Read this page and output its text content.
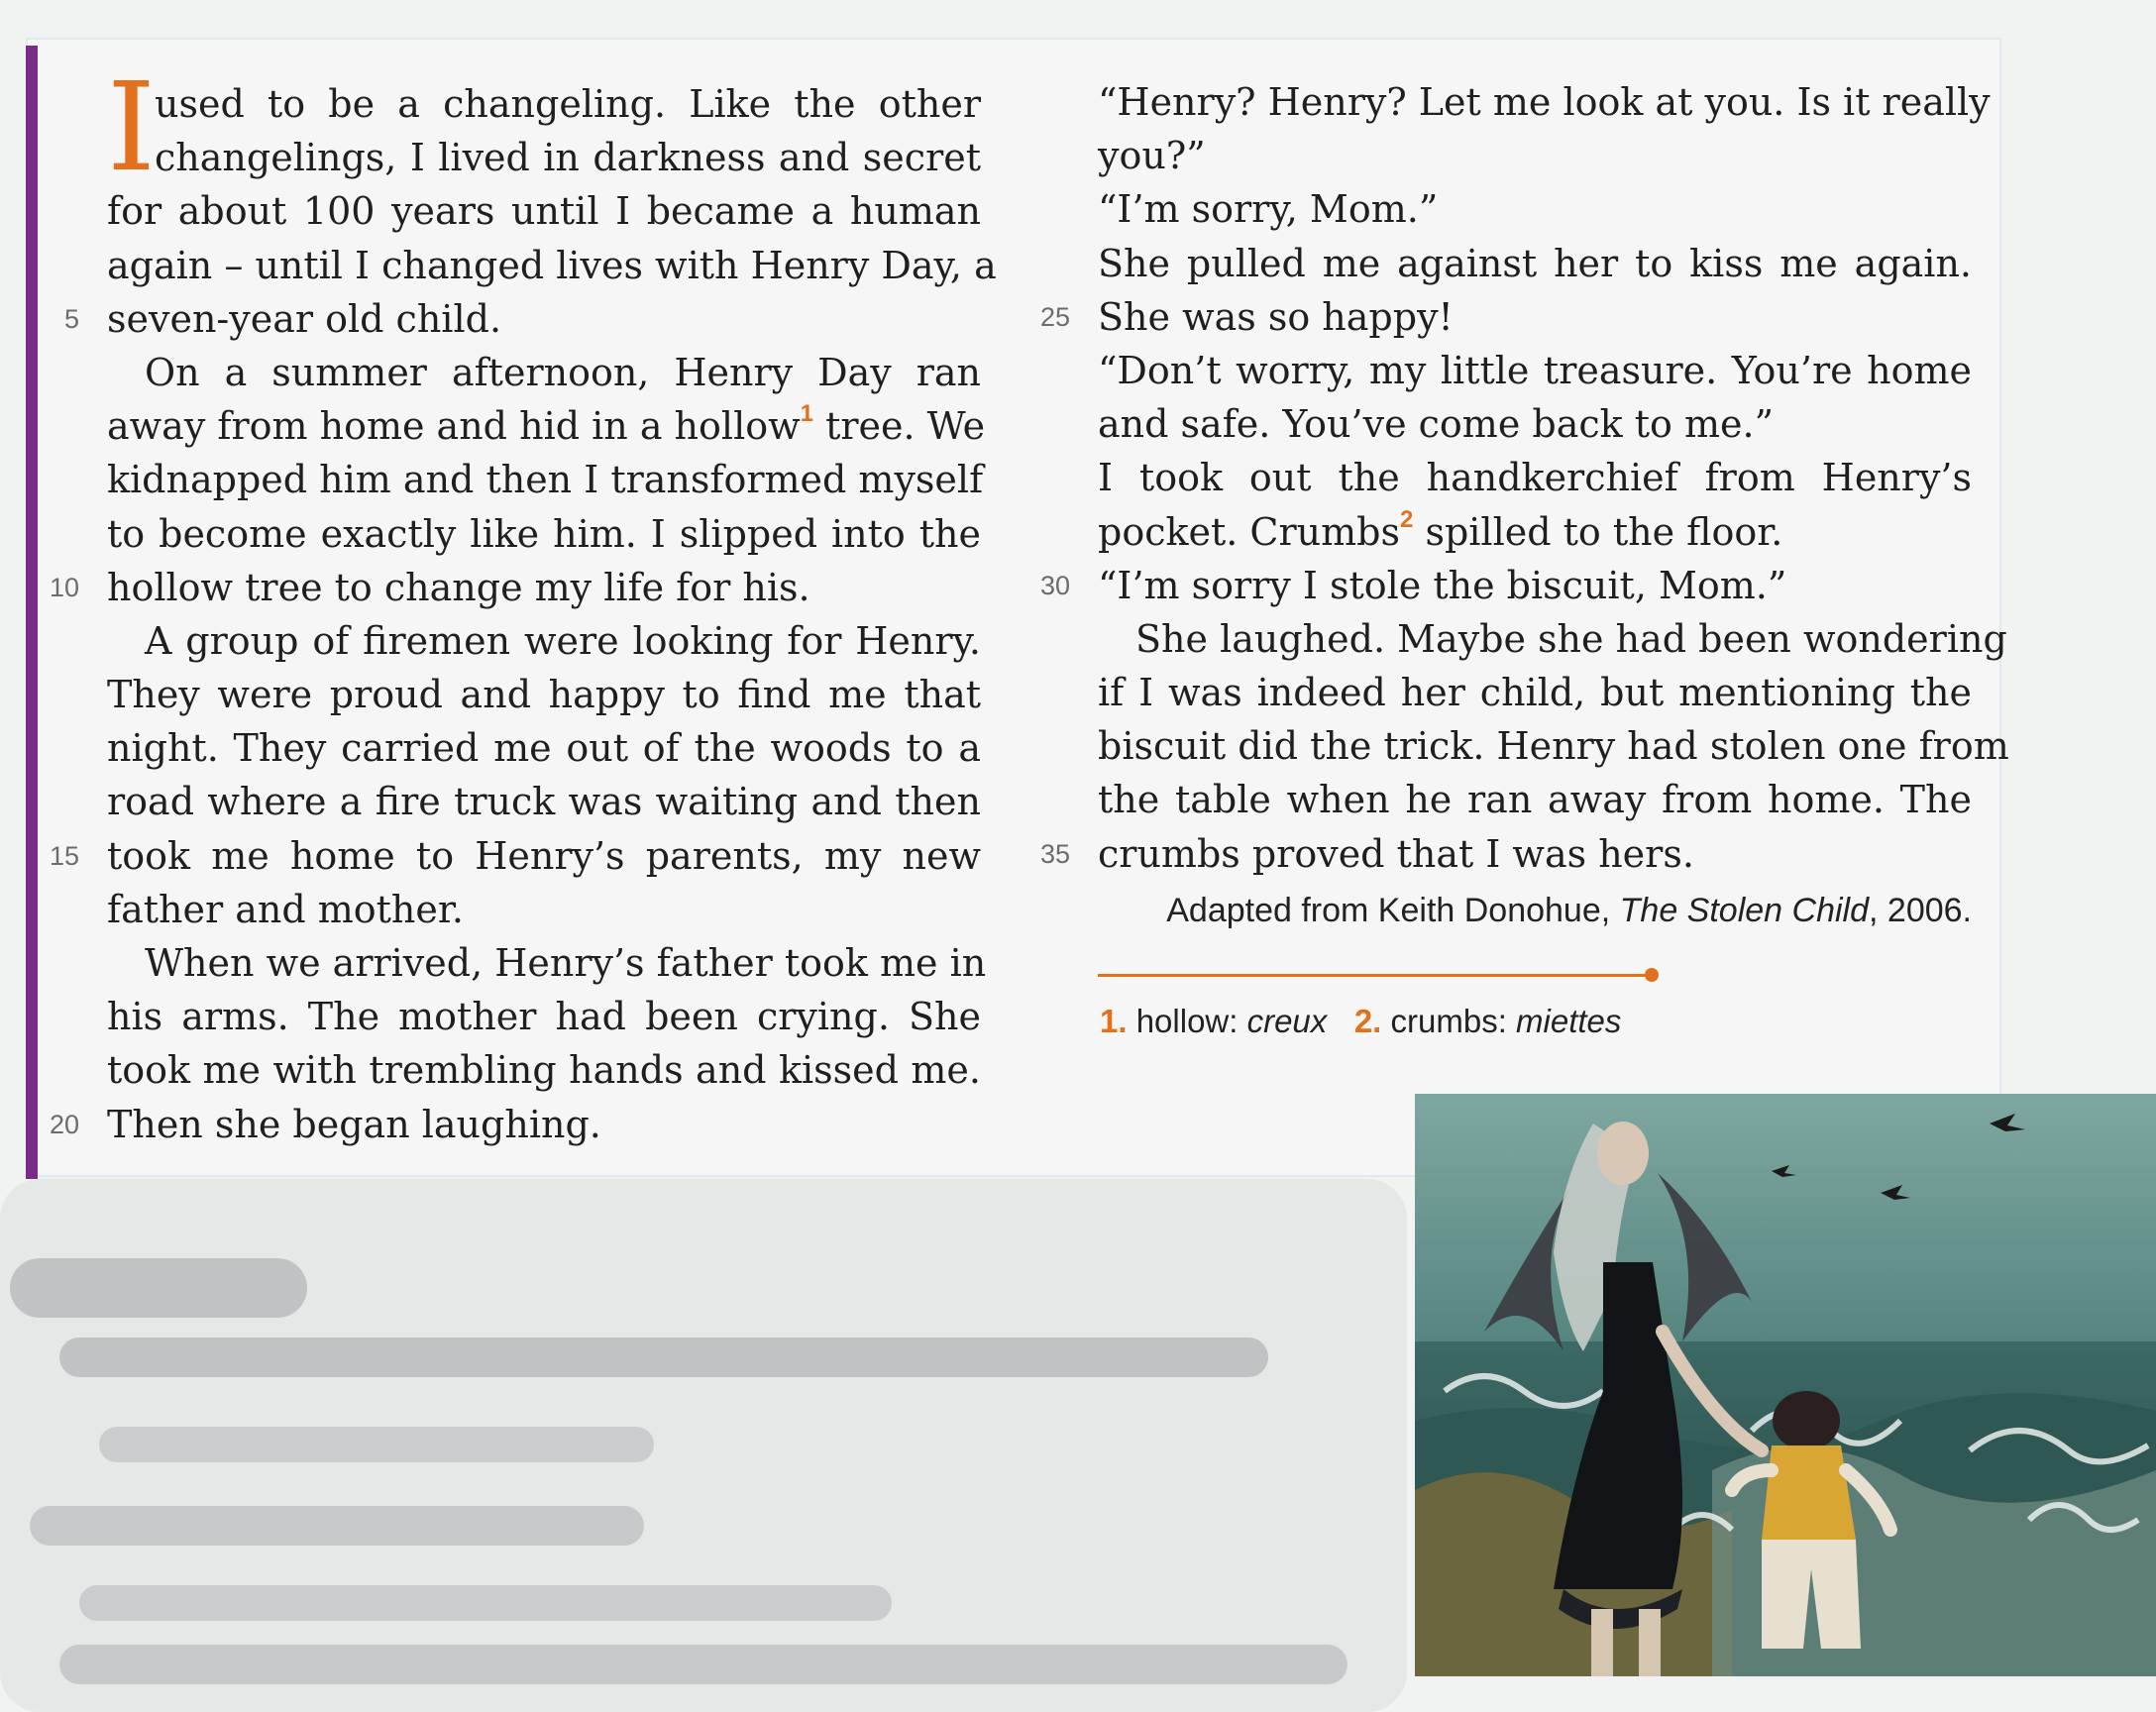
used to be a changeling. Like the other
changelings, I lived in darkness and secret
for about 100 years until I became a human
again – until I changed lives with Henry Day, a
seven-year old child.
On a summer afternoon, Henry Day ran
away from home and hid in a hollow$^1$ tree. We
kidnapped him and then I transformed myself
to become exactly like him. I slipped into the
hollow tree to change my life for his.
A group of firemen were looking for Henry.
They were proud and happy to find me that
night. They carried me out of the woods to a
road where a fire truck was waiting and then
took me home to Henry’s parents, my new
father and mother.
When we arrived, Henry’s father took me in
his arms. The mother had been crying. She
took me with trembling hands and kissed me.
Then she began laughing.
I	“Henry? Henry? Let me look at you. Is it really
you?”
“I’m sorry, Mom.”
She pulled me against her to kiss me again.
She was so happy!
“Don’t worry, my little treasure. You’re home
and safe. You’ve come back to me.”
I took out the handkerchief from Henry’s
pocket. Crumbs$^2$ spilled to the floor.
“I’m sorry I stole the biscuit, Mom.”
She laughed. Maybe she had been wondering
if I was indeed her child, but mentioning the
biscuit did the trick. Henry had stolen one from
the table when he ran away from home. The
crumbs proved that I was hers.
Adapted from Keith Donohue, The Stolen Child, 2006.
1. hollow: creux 2. crumbs: miettes
5
10
15
20
25
30
35
